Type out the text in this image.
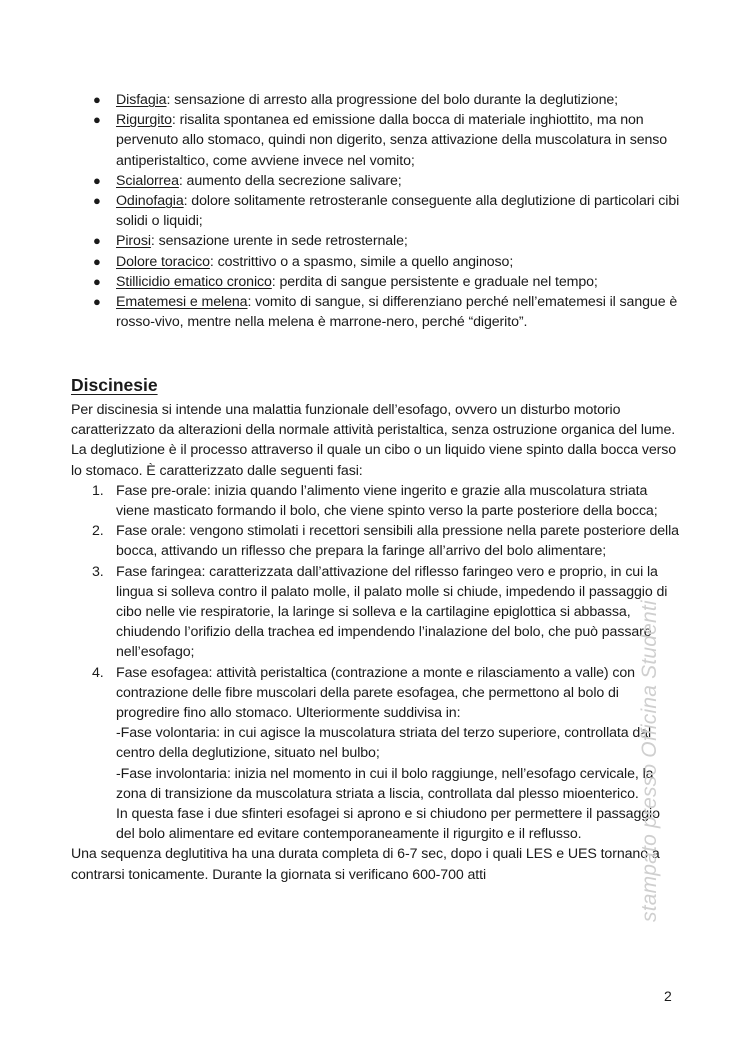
● Disfagia: sensazione di arresto alla progressione del bolo durante la deglutizione;
● Rigurgito: risalita spontanea ed emissione dalla bocca di materiale inghiottito, ma non pervenuto allo stomaco, quindi non digerito, senza attivazione della muscolatura in senso antiperistaltico, come avviene invece nel vomito;
● Scialorrea: aumento della secrezione salivare;
● Odinofagia: dolore solitamente retrosteranle conseguente alla deglutizione di particolari cibi solidi o liquidi;
● Pirosi: sensazione urente in sede retrosternale;
● Dolore toracico: costrittivo o a spasmo, simile a quello anginoso;
● Stillicidio ematico cronico: perdita di sangue persistente e graduale nel tempo;
● Ematemesi e melena: vomito di sangue, si differenziano perché nell’ematemesi il sangue è rosso-vivo, mentre nella melena è marrone-nero, perché “digerito”.
Discinesie

Per discinesia si intende una malattia funzionale dell’esofago, ovvero un disturbo motorio caratterizzato da alterazioni della normale attività peristaltica, senza ostruzione organica del lume.

La deglutizione è il processo attraverso il quale un cibo o un liquido viene spinto dalla bocca verso lo stomaco. È caratterizzato dalle seguenti fasi:

1. Fase pre-orale: inizia quando l’alimento viene ingerito e grazie alla muscolatura striata viene masticato formando il bolo, che viene spinto verso la parte posteriore della bocca;
2. Fase orale: vengono stimolati i recettori sensibili alla pressione nella parete posteriore della bocca, attivando un riflesso che prepara la faringe all’arrivo del bolo alimentare;
3. Fase faringea: caratterizzata dall’attivazione del riflesso faringeo vero e proprio, in cui la lingua si solleva contro il palato molle, il palato molle si chiude, impedendo il passaggio di cibo nelle vie respiratorie, la laringe si solleva e la cartilagine epiglottica si abbassa, chiudendo l’orifizio della trachea ed impendendo l’inalazione del bolo, che può passare nell’esofago;
4. Fase esofagea: attività peristaltica (contrazione a monte e rilasciamento a valle) con contrazione delle fibre muscolari della parete esofagea, che permettono al bolo di progredire fino allo stomaco. Ulteriormente suddivisa in:
-Fase volontaria: in cui agisce la muscolatura striata del terzo superiore, controllata dal centro della deglutizione, situato nel bulbo;
-Fase involontaria: inizia nel momento in cui il bolo raggiunge, nell’esofago cervicale, la zona di transizione da muscolatura striata a liscia, controllata dal plesso mioenterico.
In questa fase i due sfinteri esofagei si aprono e si chiudono per permettere il passaggio del bolo alimentare ed evitare contemporaneamente il rigurgito e il reflusso.

Una sequenza deglutitiva ha una durata completa di 6-7 sec, dopo i quali LES e UES tornano a contrarsi tonicamente. Durante la giornata si verificano 600-700 atti	stampato presso Officina Studenti
2
